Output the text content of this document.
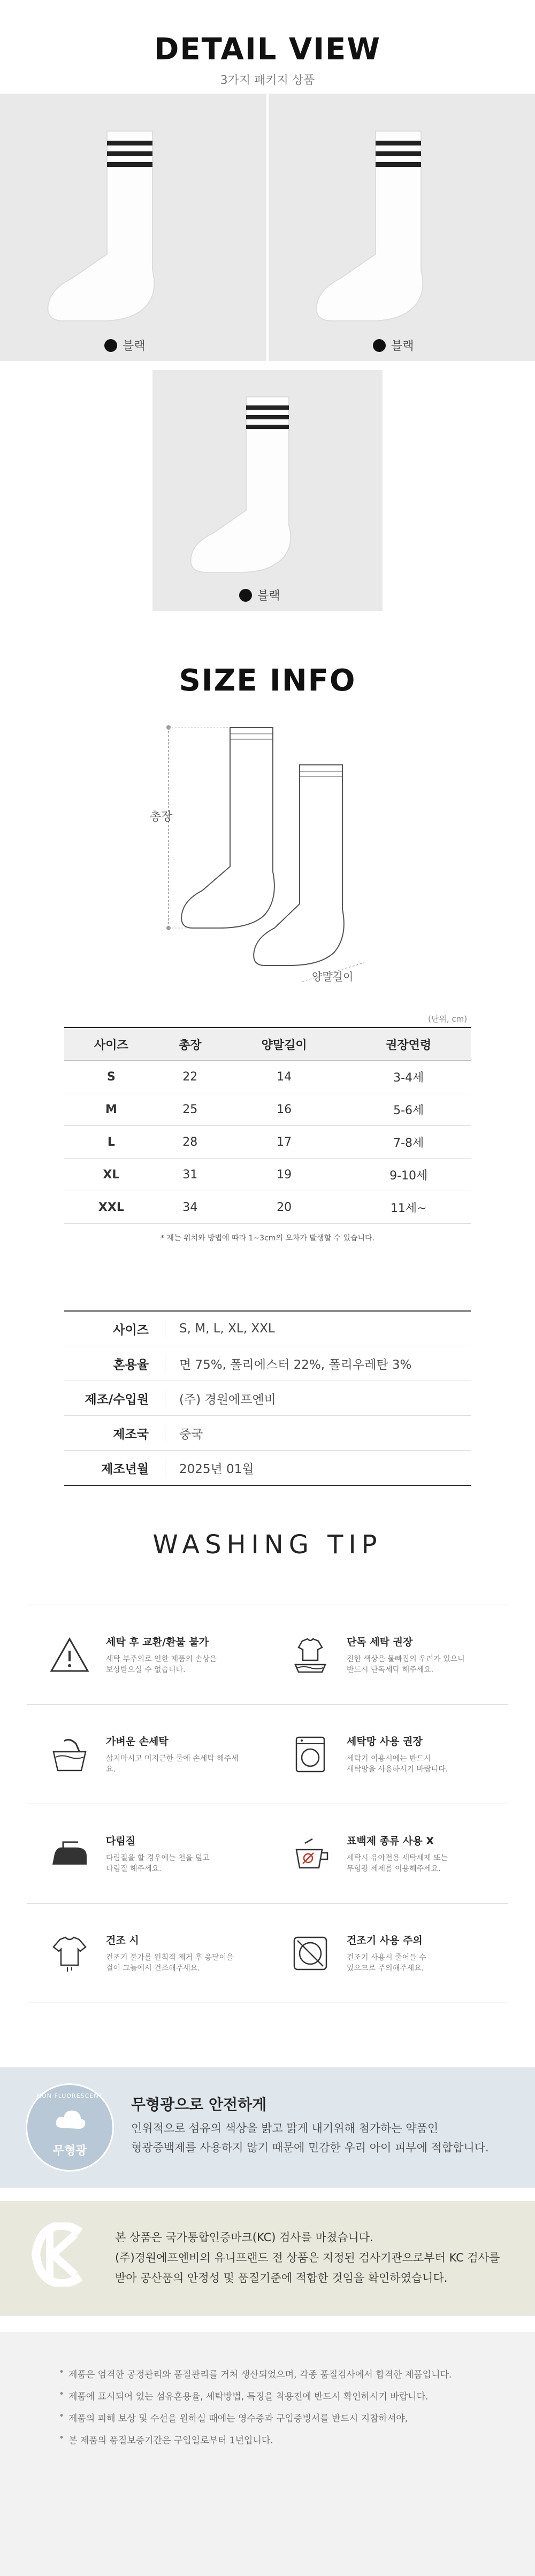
DETAIL VIEW
3가지 패키지 상품
블랙	블랙
블랙
SIZE INFO
총장
양말길이
(단위, cm)
사이즈	총장	양말길이	권장연령
S	22	14	3-4세
M	25	16	5-6세
L	28	17	7-8세
XL	31	19	9-10세
XXL	34	20	11세~
* 재는 위치와 방법에 따라 1~3cm의 오차가 발생할 수 있습니다.
사이즈	S, M, L, XL, XXL
혼용율	면 75%, 폴리에스터 22%, 폴리우레탄 3%
제조/수입원	(주) 경원에프엔비
제조국	중국
제조년월	2025년 01월
WASHING TIP
세탁 후 교환/환불 불가
세탁 부주의로 인한 제품의 손상은
보상받으실 수 없습니다.
단독 세탁 권장
진한 색상은 물빠짐의 우려가 있으니
반드시 단독세탁 해주세요.
가벼운 손세탁
삶지마시고 미지근한 물에 손세탁 해주세요.
세탁망 사용 권장
세탁기 이용시에는 반드시
세탁망을 사용하시기 바랍니다.
다림질
다림질을 할 경우에는 천을 덮고
다림질 해주세요.
표백제 종류 사용 X
세탁시 유아전용 세탁세제 또는
무형광 세제를 이용해주세요.
건조 시
건조기 불가를 원칙적 제거 후 응달이을
걸어 그늘에서 건조해주세요.
건조기 사용 주의
건조기 사용시 줄어들 수
있으므로 주의해주세요.
NON FLUORESCENT
무형광
무형광으로 안전하게
인위적으로 섬유의 색상을 밝고 맑게 내기위해 첨가하는 약품인
형광증백제를 사용하지 않기 때문에 민감한 우리 아이 피부에 적합합니다.
본 상품은 국가통합인증마크(KC) 검사를 마쳤습니다.
(주)경원에프엔비의 유니프랜드 전 상품은 지정된 검사기관으로부터 KC 검사를
받아 공산품의 안정성 및 품질기준에 적합한 것임을 확인하였습니다.
• 제품은 엄격한 공정관리와 품질관리를 거쳐 생산되었으며, 각종 품질검사에서 합격한 제품입니다.
• 제품에 표시되어 있는 섬유혼용율, 세탁방법, 특징을 착용전에 반드시 확인하시기 바랍니다.
• 제품의 피해 보상 및 수선을 원하실 때에는 영수증과 구입증빙서를 반드시 지참하셔야,
• 본 제품의 품질보증기간은 구입일로부터 1년입니다.
